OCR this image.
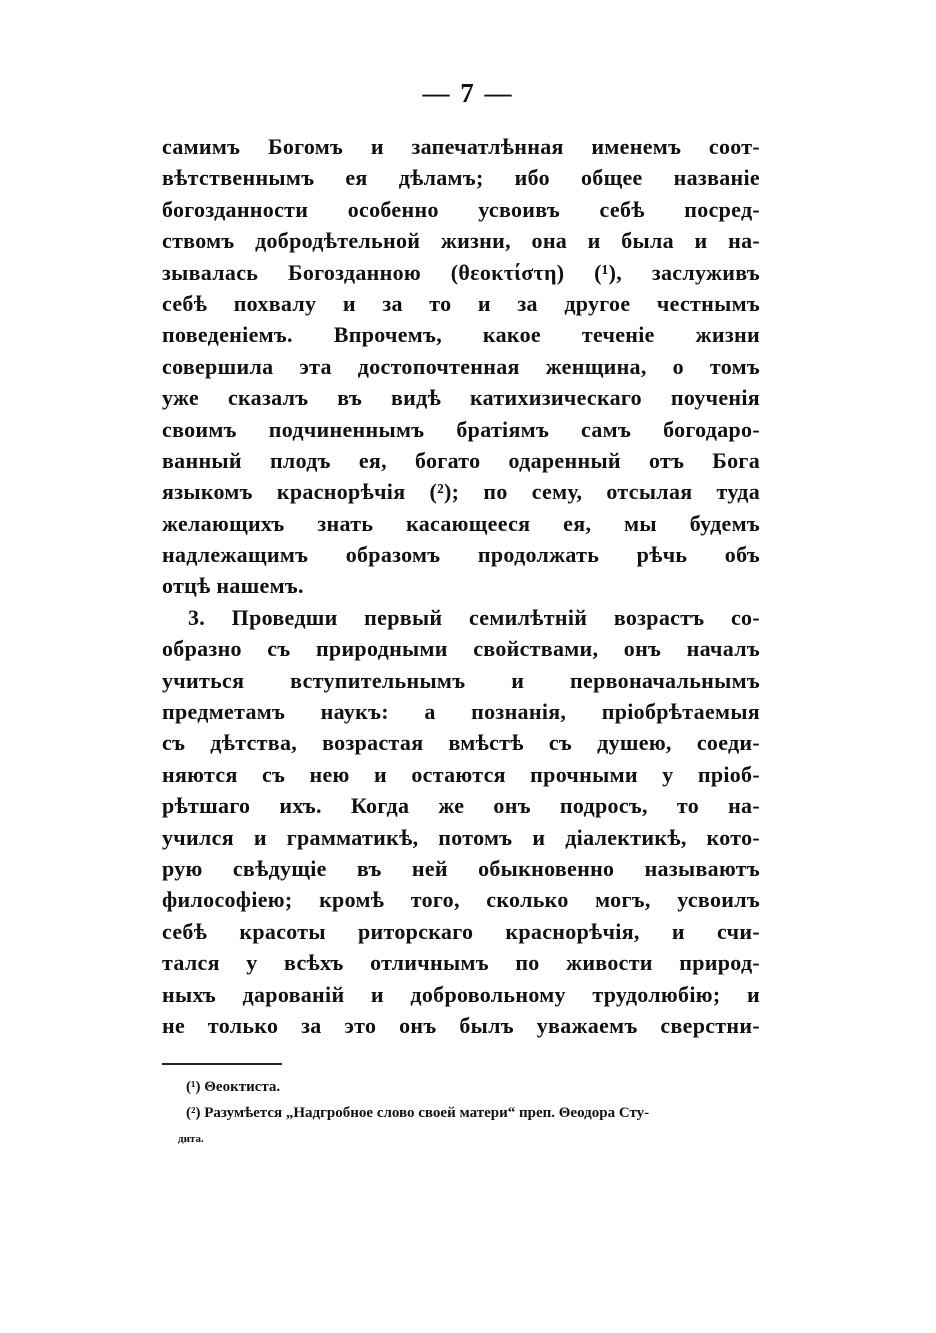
— 7 —
самимъ Богомъ и запечатлѣнная именемъ соот-
вѣтственнымъ ея дѣламъ; ибо общее названіе
богозданности особенно усвоивъ себѣ посред-
ствомъ добродѣтельной жизни, она и была и на-
зывалась Богозданною (θεοκτίστη) (¹), заслуживъ
себѣ похвалу и за то и за другое честнымъ
поведеніемъ. Впрочемъ, какое теченіе жизни
совершила эта достопочтенная женщина, о томъ
уже сказалъ въ видѣ катихизическаго поученія
своимъ подчиненнымъ братіямъ самъ богодаро-
ванный плодъ ея, богато одаренный отъ Бога
языкомъ краснорѣчія (²); по сему, отсылая туда
желающихъ знать касающееся ея, мы будемъ
надлежащимъ образомъ продолжать рѣчь объ
отцѣ нашемъ.
3. Проведши первый семилѣтній возрастъ со-
образно съ природными свойствами, онъ началъ
учиться вступительнымъ и первоначальнымъ
предметамъ наукъ: а познанія, пріобрѣтаемыя
съ дѣтства, возрастая вмѣстѣ съ душею, соеди-
няются съ нею и остаются прочными у пріоб-
рѣтшаго ихъ. Когда же онъ подросъ, то на-
учился и грамматикѣ, потомъ и діалектикѣ, кото-
рую свѣдущіе въ ней обыкновенно называютъ
философіею; кромѣ того, сколько могъ, усвоилъ
себѣ красоты риторскаго краснорѣчія, и счи-
тался у всѣхъ отличнымъ по живости природ-
ныхъ дарованій и добровольному трудолюбію; и
не только за это онъ былъ уважаемъ сверстни-
(¹) Θеоктиста.
(²) Разумѣется „Надгробное слово своей матери“ преп. Θеодора Сту-
дита.
